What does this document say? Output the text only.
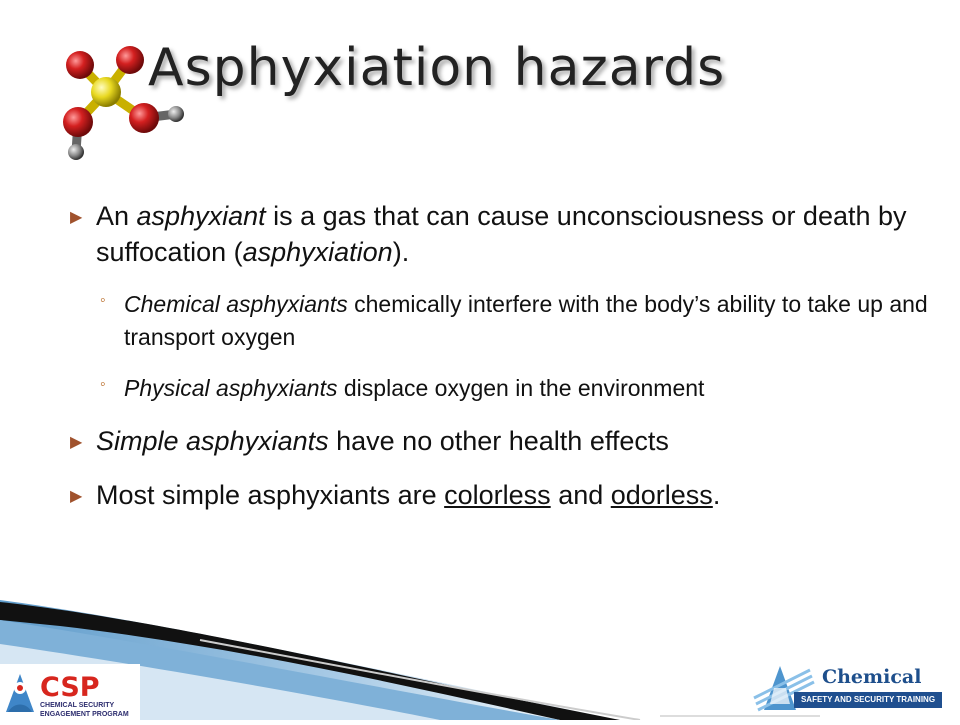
Asphyxiation hazards
▶ An asphyxiant is a gas that can cause unconsciousness or death by suffocation (asphyxiation).
◦ Chemical asphyxiants chemically interfere with the body’s ability to take up and transport oxygen
◦ Physical asphyxiants displace oxygen in the environment
▶ Simple asphyxiants have no other health effects
▶ Most simple asphyxiants are colorless and odorless.
CSP
CHEMICAL SECURITY
ENGAGEMENT PROGRAM
Chemical
SAFETY AND SECURITY TRAINING
